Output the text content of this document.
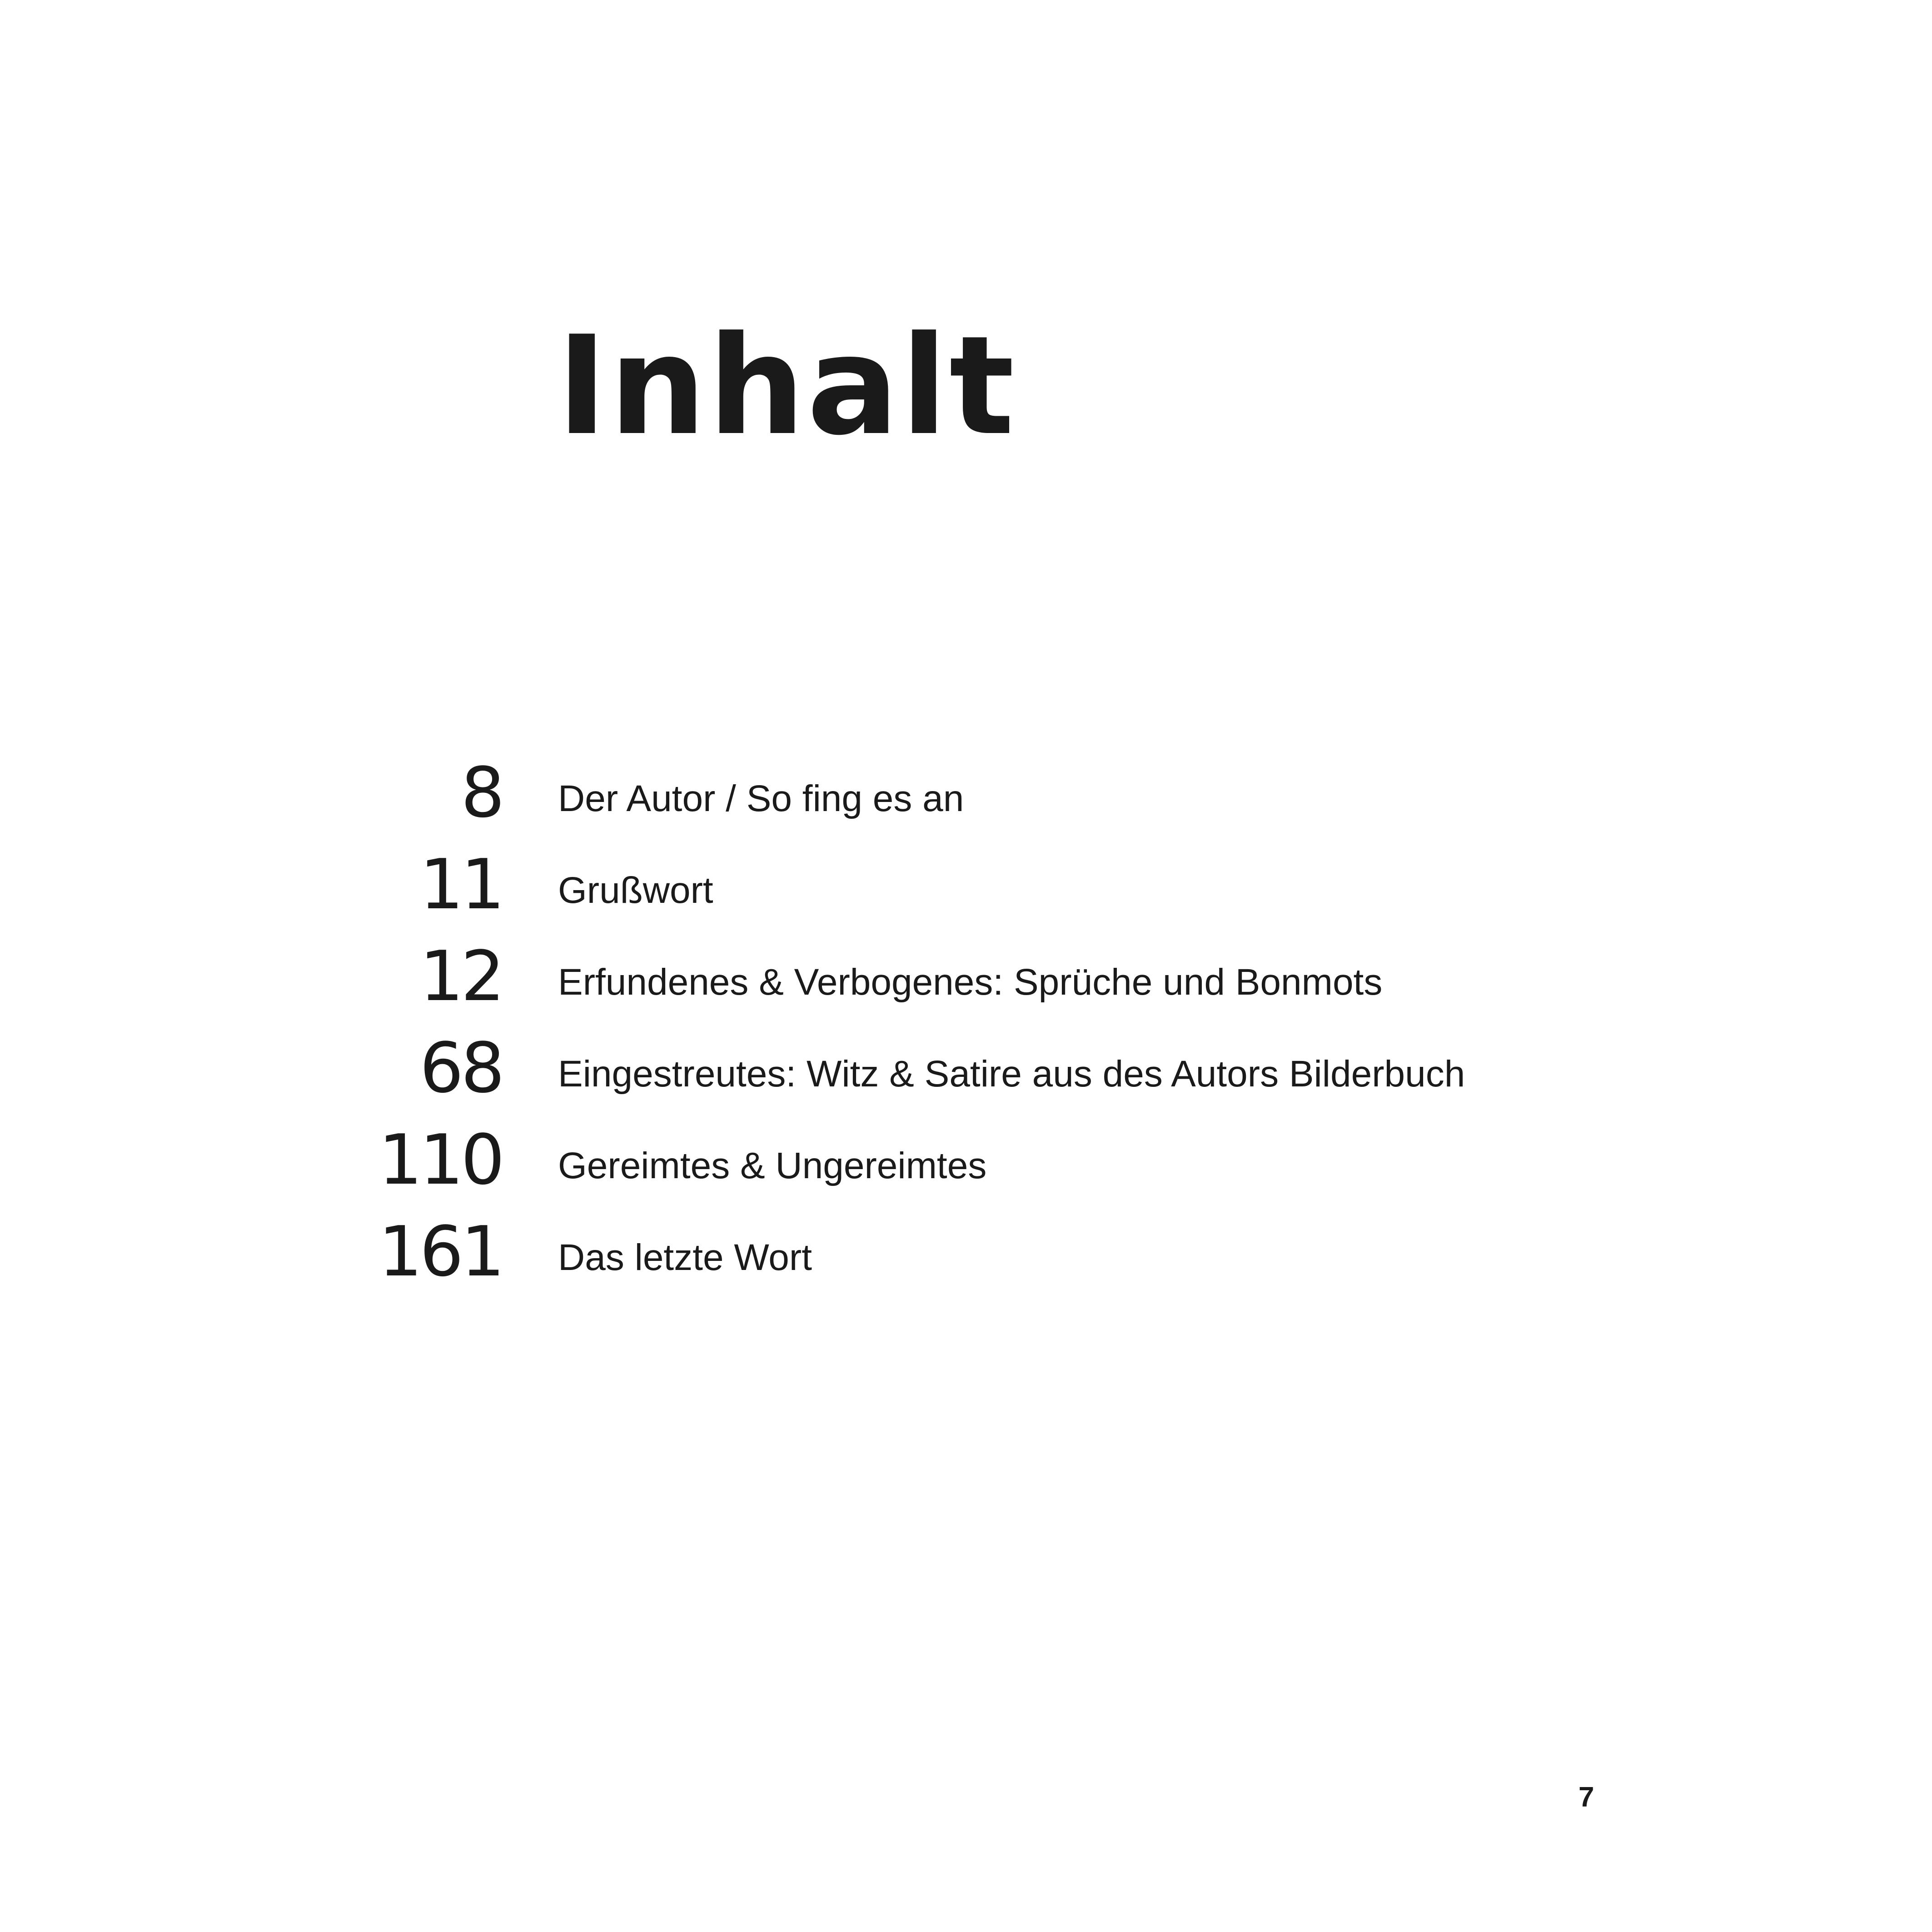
Inhalt
8 Der Autor / So fing es an
11 Grußwort
12 Erfundenes & Verbogenes: Sprüche und Bonmots
68 Eingestreutes: Witz & Satire aus des Autors Bilderbuch
110 Gereimtes & Ungereimtes
161 Das letzte Wort
7
